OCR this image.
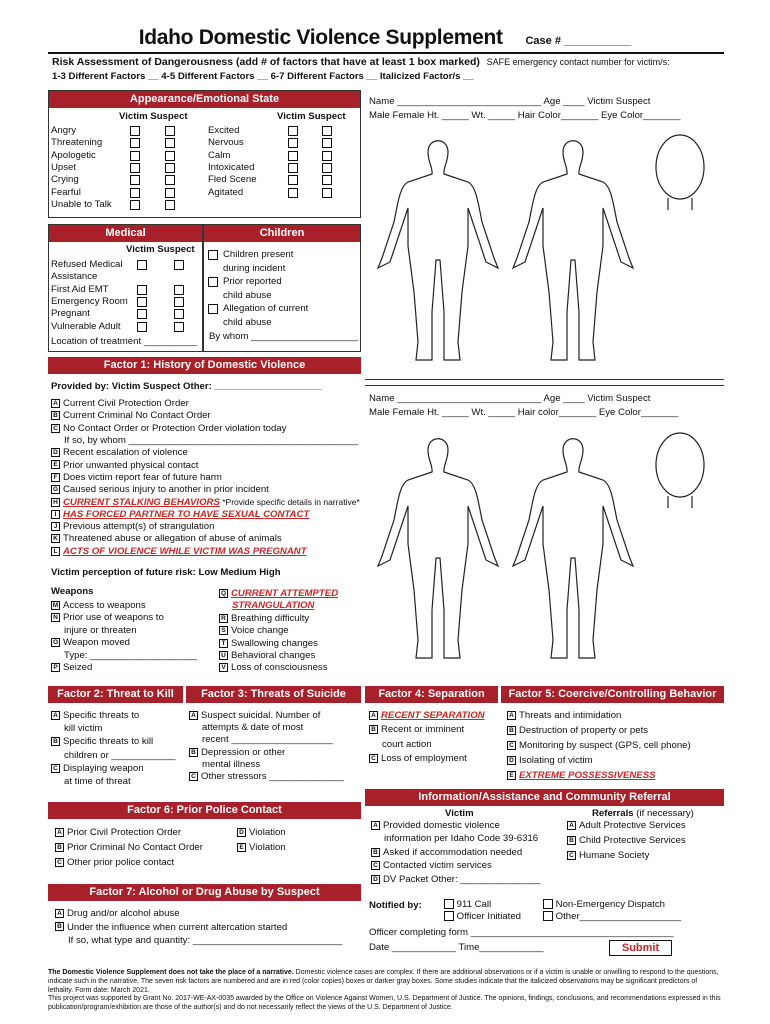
Idaho Domestic Violence Supplement Case # ___________
Risk Assessment of Dangerousness (add # of factors that have at least 1 box marked) SAFE emergency contact number for victim/s:
1-3 Different Factors __ 4-5 Different Factors __ 6-7 Different Factors __ Italicized Factor/s __
Appearance/Emotional State
Victim Suspect	Victim Suspect
Angry
Threatening
Apologetic
Upset
Crying
Fearful
Unable to Talk
Excited
Nervous
Calm
Intoxicated
Fled Scene
Agitated
Medical	Children
Victim Suspect
Refused Medical
Assistance
First Aid EMT
Emergency Room
Pregnant
Vulnerable Adult
Location of treatment __________
Children present
during incident
Prior reported
child abuse
Allegation of current
child abuse
By whom ____________________
Factor 1: History of Domestic Violence
Provided by: Victim Suspect Other: ____________________
A Current Civil Protection Order
B Current Criminal No Contact Order
C No Contact Order or Protection Order violation today
If so, by whom ___________________________________________
D Recent escalation of violence
E Prior unwanted physical contact
F Does victim report fear of future harm
G Caused serious injury to another in prior incident
H CURRENT STALKING BEHAVIORS *Provide specific details in narrative*
I HAS FORCED PARTNER TO HAVE SEXUAL CONTACT
J Previous attempt(s) of strangulation
K Threatened abuse or allegation of abuse of animals
L ACTS OF VIOLENCE WHILE VICTIM WAS PREGNANT
Victim perception of future risk: Low Medium High
Weapons
M Access to weapons
N Prior use of weapons to
injure or threaten
O Weapon moved
Type: ____________________
P Seized
Q CURRENT ATTEMPTED
STRANGULATION
R Breathing difficulty
S Voice change
T Swallowing changes
U Behavioral changes
V Loss of consciousness
Name ___________________________ Age ____ Victim Suspect
Male Female Ht. _____ Wt. _____ Hair Color_______ Eye Color_______
Name ___________________________ Age ____ Victim Suspect
Male Female Ht. _____ Wt. _____ Hair color_______ Eye Color_______
Factor 2: Threat to Kill	Factor 3: Threats of Suicide
A Specific threats to
kill victim
B Specific threats to kill
children or ____________
C Displaying weapon
at time of threat
A Suspect suicidal. Number of
attempts & date of most
recent ___________________
B Depression or other
mental illness
C Other stressors ______________
Factor 4: Separation	Factor 5: Coercive/Controlling Behavior
A RECENT SEPARATION
B Recent or imminent
court action
C Loss of employment
A Threats and intimidation
B Destruction of property or pets
C Monitoring by suspect (GPS, cell phone)
D Isolating of victim
E EXTREME POSSESSIVENESS
Factor 6: Prior Police Contact
A Prior Civil Protection Order
B Prior Criminal No Contact Order
C Other prior police contact
D Violation
E Violation
Factor 7: Alcohol or Drug Abuse by Suspect
A Drug and/or alcohol abuse
B Under the influence when current altercation started
If so, what type and quantity: ____________________________
Information/Assistance and Community Referral
Victim	Referrals (if necessary)
A Provided domestic violence
information per Idaho Code 39-6316
B Asked if accommodation needed
C Contacted victim services
D DV Packet Other: _______________
A Adult Protective Services
B Child Protective Services
C Humane Society
Notified by:	911 Call
Officer Initiated
Non-Emergency Dispatch
Other___________________
Officer completing form ______________________________________
Date ____________ Time____________	Submit
The Domestic Violence Supplement does not take the place of a narrative. Domestic violence cases are complex. If there are additional observations or if a victim is unable or unwilling to respond to the questions, indicate such in the narrative. The seven risk factors are numbered and are in red (color copies) boxes or darker gray boxes. Some studies indicate that the italicized observations may be significant predictors of lethality. Form date: March 2021.
This project was supported by Grant No. 2017-WE-AX-0035 awarded by the Office on Violence Against Women, U.S. Department of Justice. The opinions, findings, conclusions, and recommendations expressed in this publication/program/exhibition are those of the author(s) and do not necessarily reflect the views of the U.S. Department of Justice.
